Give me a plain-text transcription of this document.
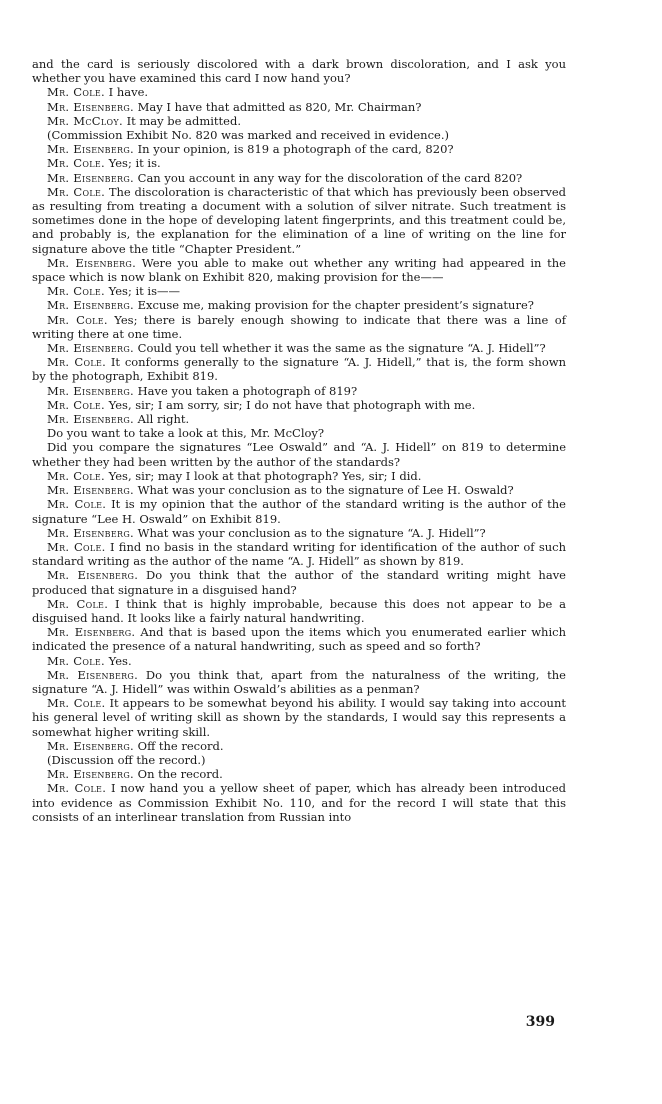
and the card is seriously discolored with a dark brown discoloration, and I ask you whether you have examined this card I now hand you?

Mr. Cole. I have.

Mr. Eisenberg. May I have that admitted as 820, Mr. Chairman?

Mr. McCloy. It may be admitted.

(Commission Exhibit No. 820 was marked and received in evidence.)

Mr. Eisenberg. In your opinion, is 819 a photograph of the card, 820?

Mr. Cole. Yes; it is.

Mr. Eisenberg. Can you account in any way for the discoloration of the card 820?

Mr. Cole. The discoloration is characteristic of that which has previously been observed as resulting from treating a document with a solution of silver nitrate. Such treatment is sometimes done in the hope of developing latent fingerprints, and this treatment could be, and probably is, the explanation for the elimination of a line of writing on the line for signature above the title “Chapter President.”

Mr. Eisenberg. Were you able to make out whether any writing had appeared in the space which is now blank on Exhibit 820, making provision for the——

Mr. Cole. Yes; it is——

Mr. Eisenberg. Excuse me, making provision for the chapter president’s signature?

Mr. Cole. Yes; there is barely enough showing to indicate that there was a line of writing there at one time.

Mr. Eisenberg. Could you tell whether it was the same as the signature “A. J. Hidell”?

Mr. Cole. It conforms generally to the signature “A. J. Hidell,” that is, the form shown by the photograph, Exhibit 819.

Mr. Eisenberg. Have you taken a photograph of 819?

Mr. Cole. Yes, sir; I am sorry, sir; I do not have that photograph with me.

Mr. Eisenberg. All right.

Do you want to take a look at this, Mr. McCloy?

Did you compare the signatures “Lee Oswald” and “A. J. Hidell” on 819 to determine whether they had been written by the author of the standards?

Mr. Cole. Yes, sir; may I look at that photograph? Yes, sir; I did.

Mr. Eisenberg. What was your conclusion as to the signature of Lee H. Oswald?

Mr. Cole. It is my opinion that the author of the standard writing is the author of the signature “Lee H. Oswald” on Exhibit 819.

Mr. Eisenberg. What was your conclusion as to the signature “A. J. Hidell”?

Mr. Cole. I find no basis in the standard writing for identification of the author of such standard writing as the author of the name “A. J. Hidell” as shown by 819.

Mr. Eisenberg. Do you think that the author of the standard writing might have produced that signature in a disguised hand?

Mr. Cole. I think that is highly improbable, because this does not appear to be a disguised hand. It looks like a fairly natural handwriting.

Mr. Eisenberg. And that is based upon the items which you enumerated earlier which indicated the presence of a natural handwriting, such as speed and so forth?

Mr. Cole. Yes.

Mr. Eisenberg. Do you think that, apart from the naturalness of the writing, the signature “A. J. Hidell” was within Oswald’s abilities as a penman?

Mr. Cole. It appears to be somewhat beyond his ability. I would say taking into account his general level of writing skill as shown by the standards, I would say this represents a somewhat higher writing skill.

Mr. Eisenberg. Off the record.

(Discussion off the record.)

Mr. Eisenberg. On the record.

Mr. Cole. I now hand you a yellow sheet of paper, which has already been introduced into evidence as Commission Exhibit No. 110, and for the record I will state that this consists of an interlinear translation from Russian into

399
